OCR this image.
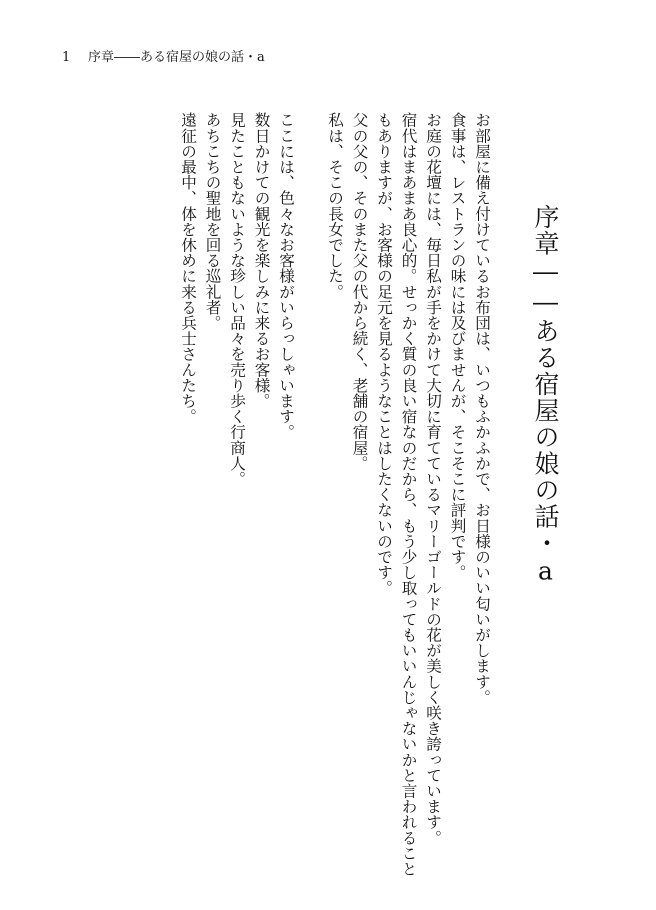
1 序章――ある宿屋の娘の話・a
序章――ある宿屋の娘の話・a

お部屋に備え付けているお布団は、いつもふかふかで、お日様のいい匂いがします。

食事は、レストランの味には及びませんが、そこそこに評判です。

お庭の花壇には、毎日私が手をかけて大切に育てているマリーゴールドの花が美しく咲き誇っています。

宿代はまあまあ良心的。せっかく質の良い宿なのだから、もう少し取ってもいいんじゃないかと言われること

もありますが、お客様の足元を見るようなことはしたくないのです。

父の父の、そのまた父の代から続く、老舗の宿屋。

私は、そこの長女でした。

ここには、色々なお客様がいらっしゃいます。

数日かけての観光を楽しみに来るお客様。

見たこともないような珍しい品々を売り歩く行商人。

あちこちの聖地を回る巡礼者。

遠征の最中、体を休めに来る兵士さんたち。
